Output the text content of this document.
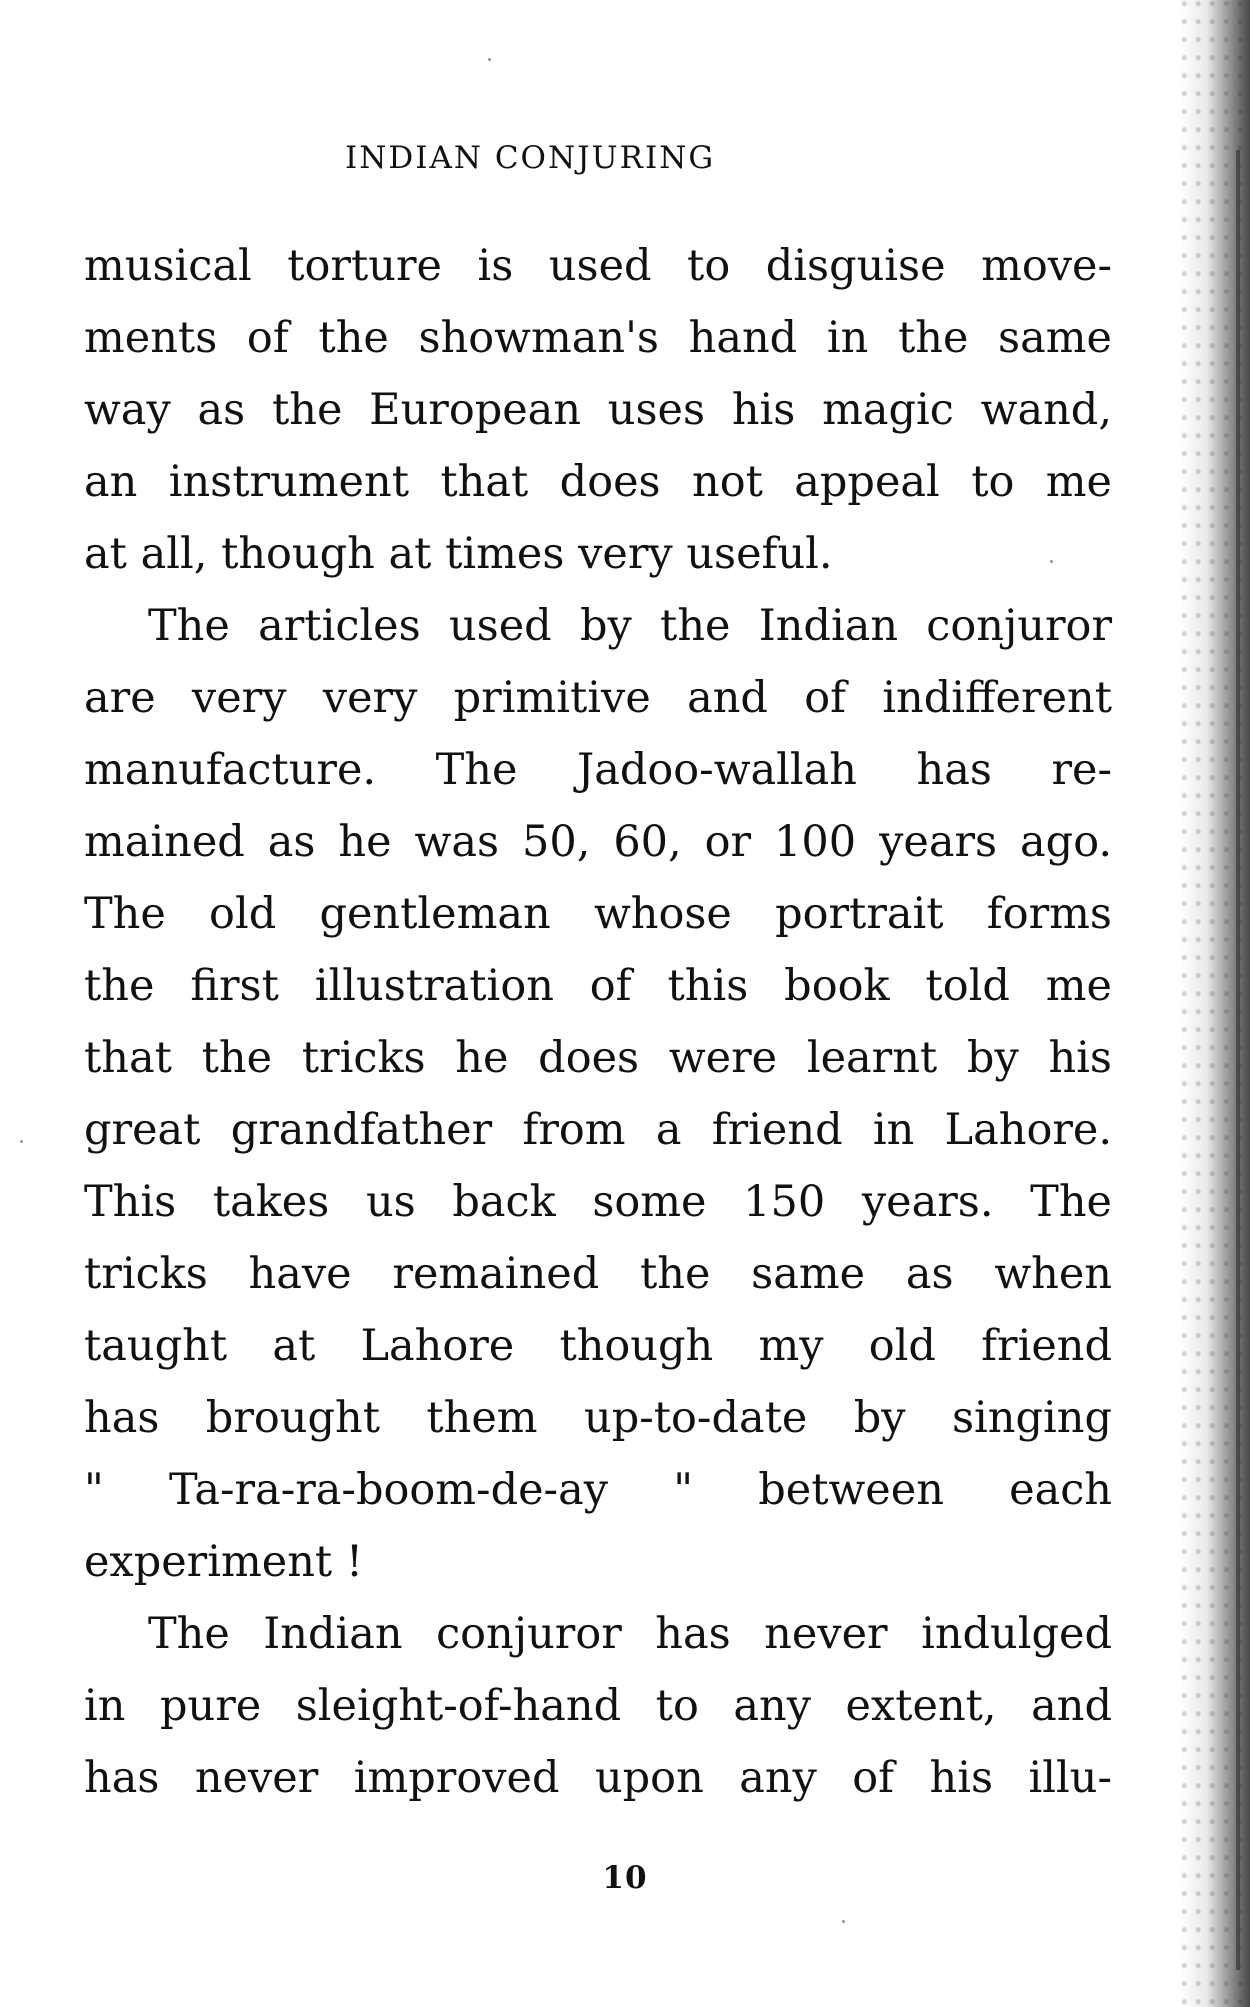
INDIAN CONJURING
musical torture is used to disguise move-
ments of the showman's hand in the same
way as the European uses his magic wand,
an instrument that does not appeal to me
at all, though at times very useful.
The articles used by the Indian conjuror
are very very primitive and of indifferent
manufacture. The Jadoo-wallah has re-
mained as he was 50, 60, or 100 years ago.
The old gentleman whose portrait forms
the first illustration of this book told me
that the tricks he does were learnt by his
great grandfather from a friend in Lahore.
This takes us back some 150 years. The
tricks have remained the same as when
taught at Lahore though my old friend
has brought them up-to-date by singing
" Ta-ra-ra-boom-de-ay " between each
experiment !
The Indian conjuror has never indulged
in pure sleight-of-hand to any extent, and
has never improved upon any of his illu-
10
